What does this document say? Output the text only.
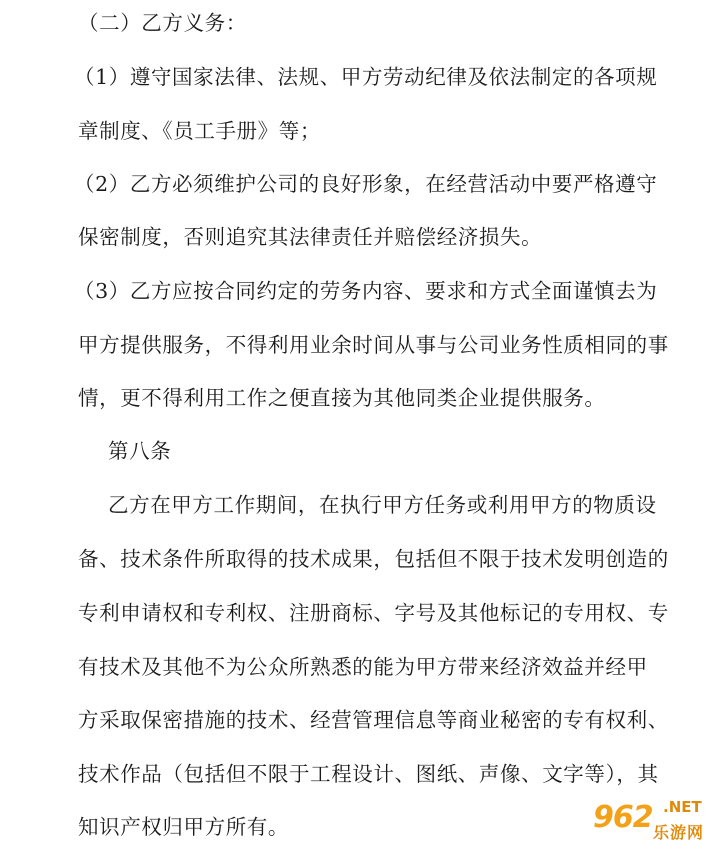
（二）乙方义务：
（1）遵守国家法律、法规、甲方劳动纪律及依法制定的各项规
章制度、《员工手册》等；
（2）乙方必须维护公司的良好形象，在经营活动中要严格遵守
保密制度，否则追究其法律责任并赔偿经济损失。
（3）乙方应按合同约定的劳务内容、要求和方式全面谨慎去为
甲方提供服务，不得利用业余时间从事与公司业务性质相同的事
情，更不得利用工作之便直接为其他同类企业提供服务。
第八条
乙方在甲方工作期间，在执行甲方任务或利用甲方的物质设
备、技术条件所取得的技术成果，包括但不限于技术发明创造的
专利申请权和专利权、注册商标、字号及其他标记的专用权、专
有技术及其他不为公众所熟悉的能为甲方带来经济效益并经甲
方采取保密措施的技术、经营管理信息等商业秘密的专有权利、
技术作品（包括但不限于工程设计、图纸、声像、文字等），其
知识产权归甲方所有。	962 .NET
乐游网
